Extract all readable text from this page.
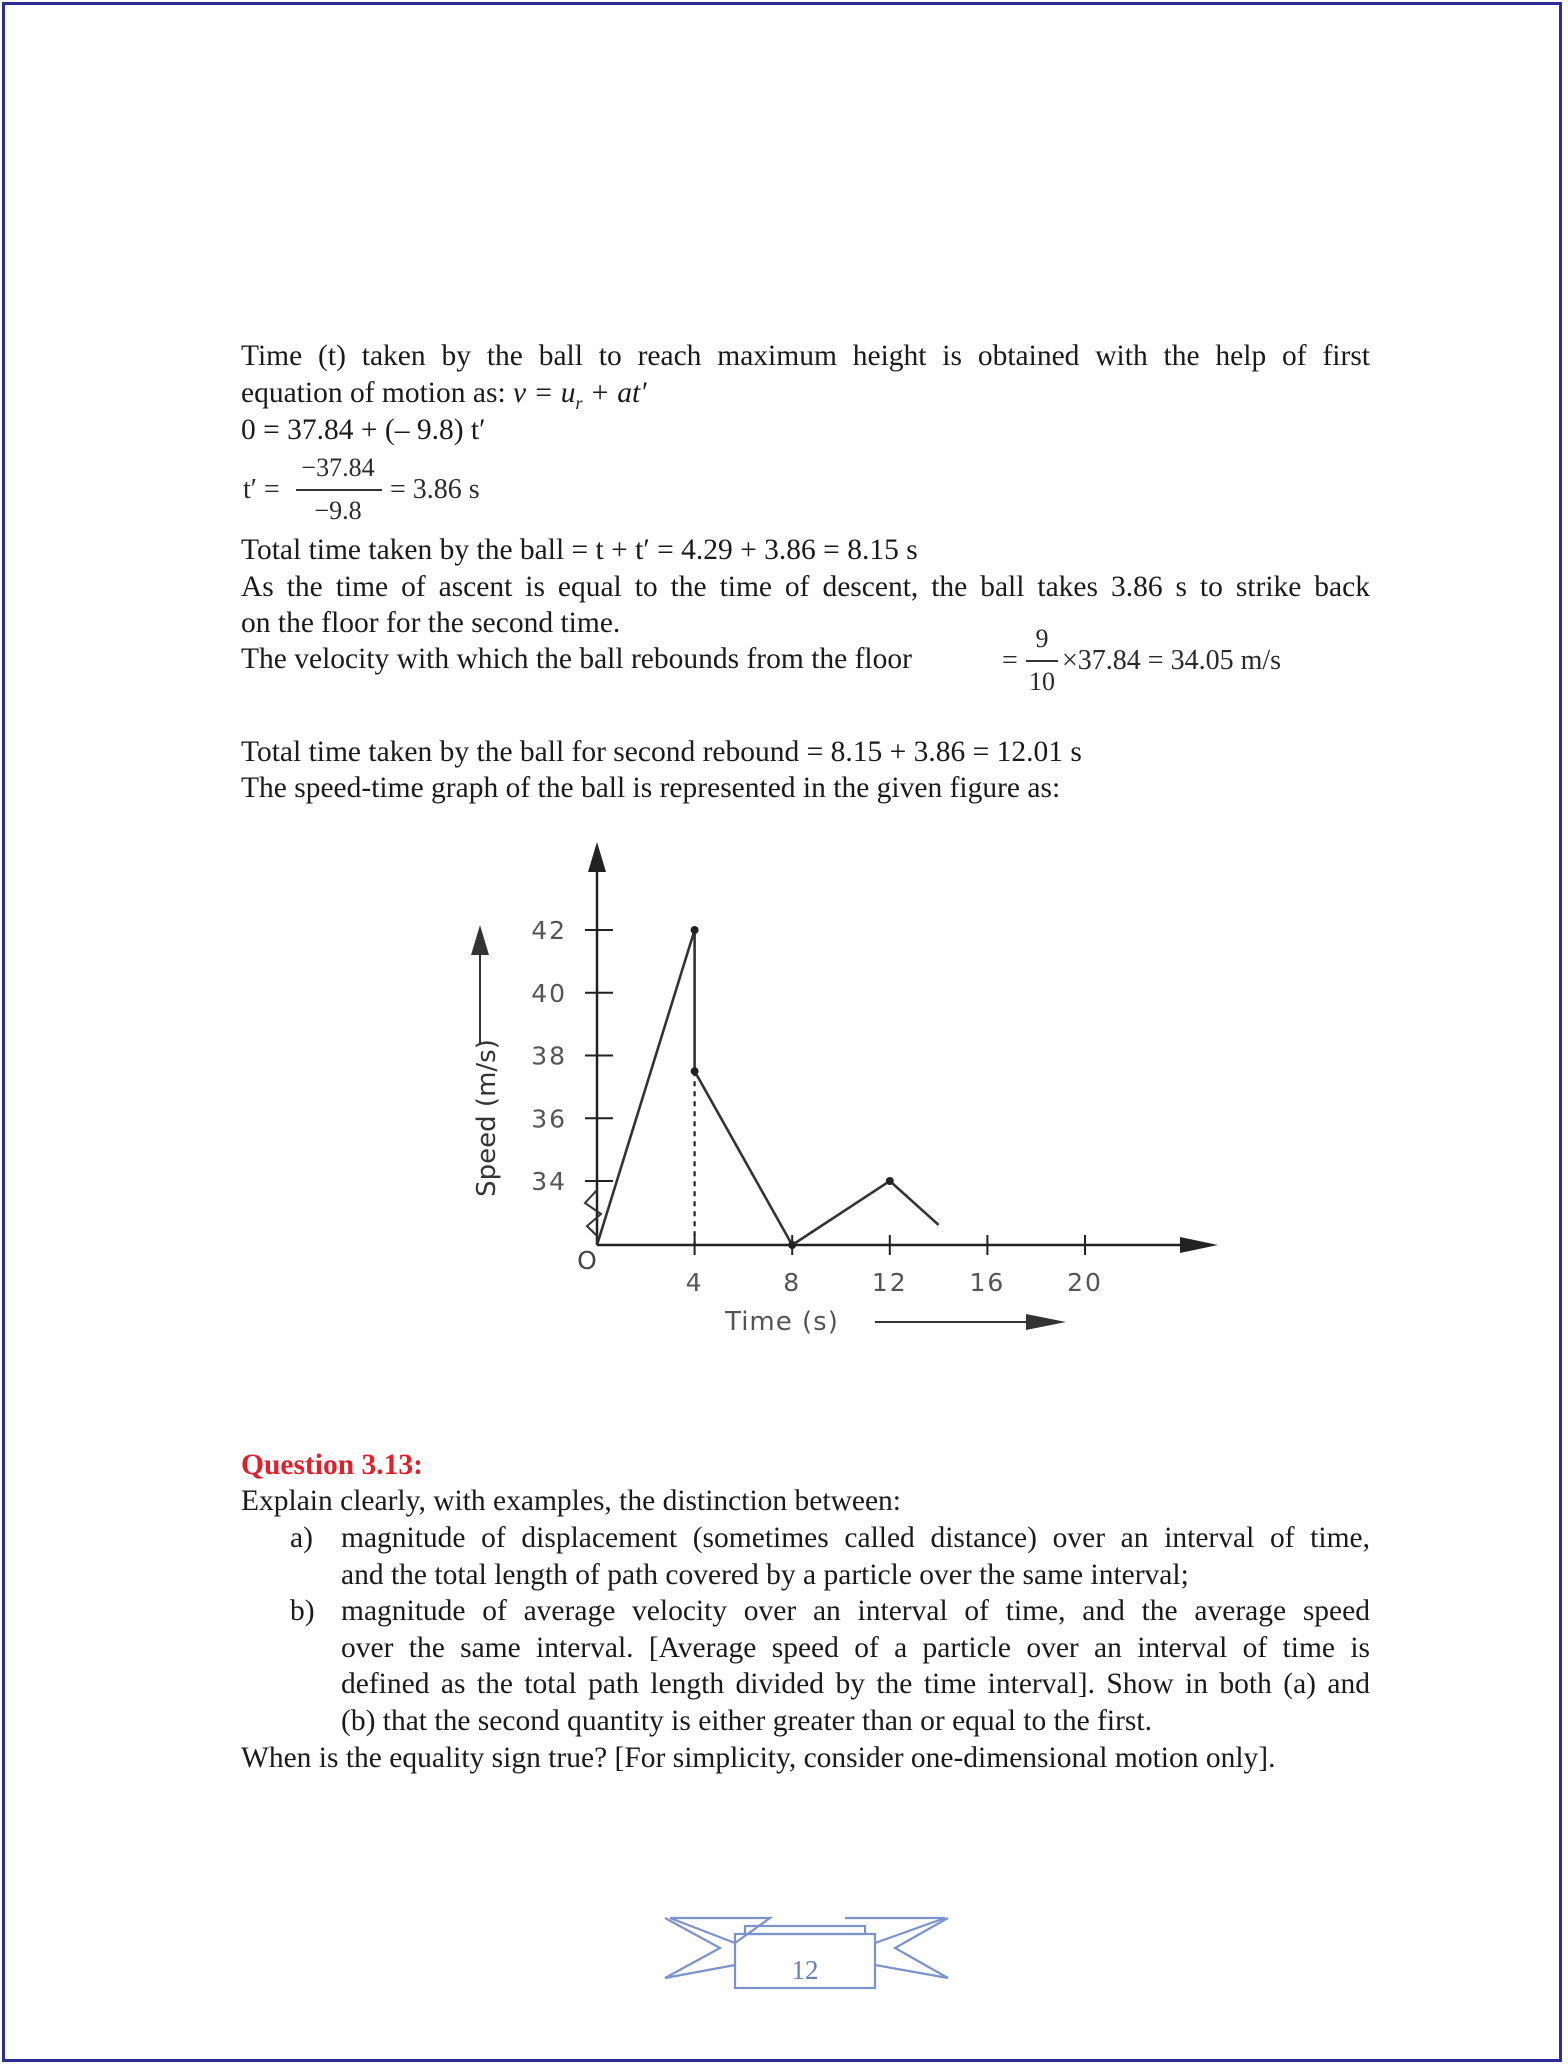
Time (t) taken by the ball to reach maximum height is obtained with the help of first
equation of motion as: $v = u_r + at'$
0 = 37.84 + (– 9.8) t′
t′ =
−37.84
−9.8
= 3.86 s
Total time taken by the ball = t + t′ = 4.29 + 3.86 = 8.15 s
As the time of ascent is equal to the time of descent, the ball takes 3.86 s to strike back
on the floor for the second time.
The velocity with which the ball rebounds from the floor	=
9
10
×37.84 = 34.05 m/s
Total time taken by the ball for second rebound = 8.15 + 3.86 = 12.01 s
The speed-time graph of the ball is represented in the given figure as:
34
36
38
40
42
4	8	12 16 20
O
Time (s)
Speed (m/s)
Question 3.13:
Explain clearly, with examples, the distinction between:
a) magnitude of displacement (sometimes called distance) over an interval of time,
and the total length of path covered by a particle over the same interval;
b) magnitude of average velocity over an interval of time, and the average speed
over the same interval. [Average speed of a particle over an interval of time is
defined as the total path length divided by the time interval]. Show in both (a) and
(b) that the second quantity is either greater than or equal to the first.
When is the equality sign true? [For simplicity, consider one-dimensional motion only].
12
